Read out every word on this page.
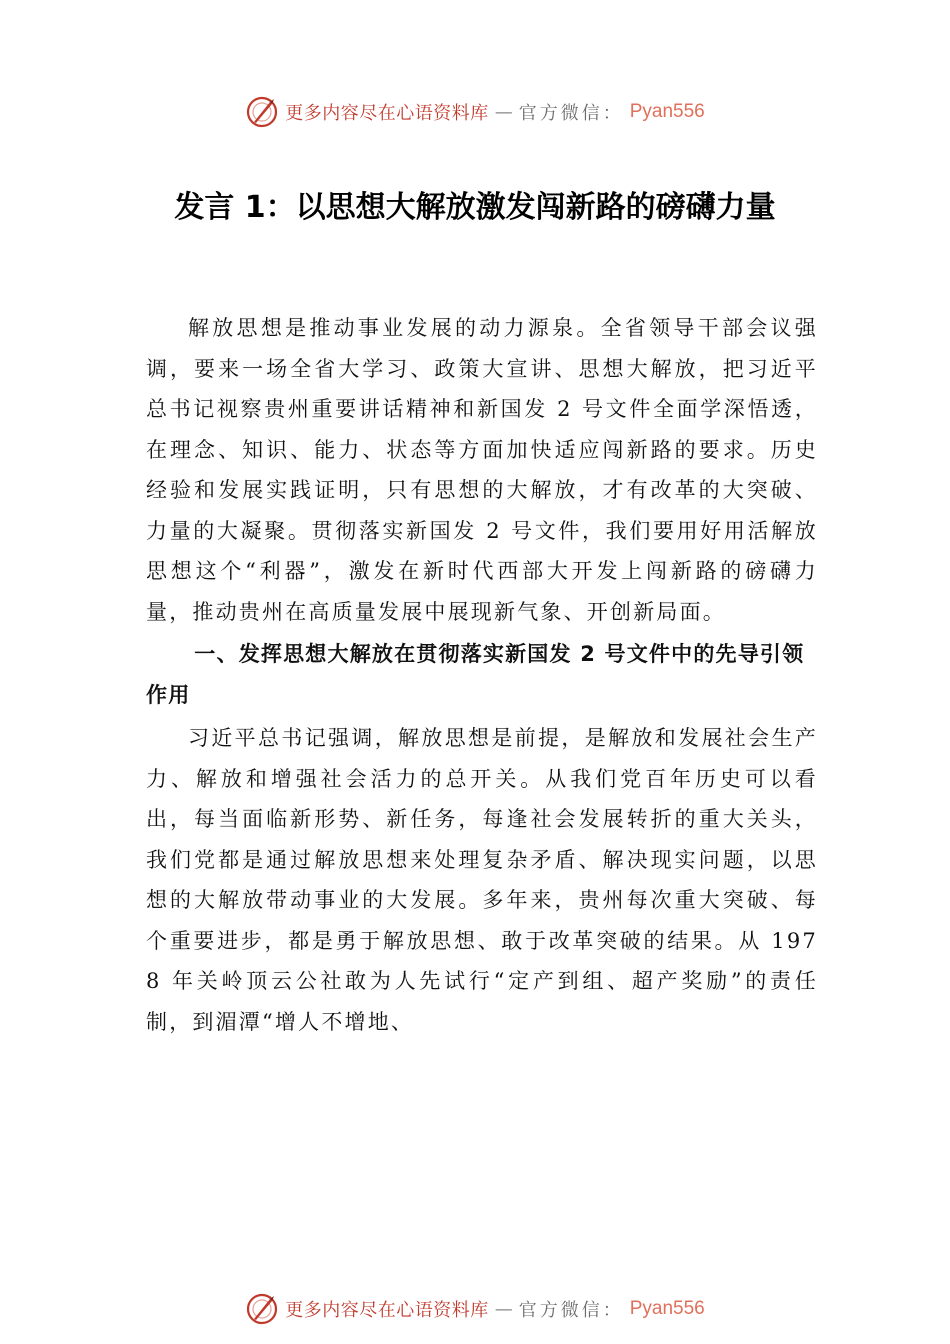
更多内容尽在心语资料库 — 官方微信： Pyan556
发言 1：以思想大解放激发闯新路的磅礴力量

解放思想是推动事业发展的动力源泉。全省领导干部会议强调，要来一场全省大学习、政策大宣讲、思想大解放，把习近平总书记视察贵州重要讲话精神和新国发 2 号文件全面学深悟透，在理念、知识、能力、状态等方面加快适应闯新路的要求。历史经验和发展实践证明，只有思想的大解放，才有改革的大突破、力量的大凝聚。贯彻落实新国发 2 号文件，我们要用好用活解放思想这个“利器”，激发在新时代西部大开发上闯新路的磅礴力量，推动贵州在高质量发展中展现新气象、开创新局面。

一、发挥思想大解放在贯彻落实新国发 2 号文件中的先导引领作用

习近平总书记强调，解放思想是前提，是解放和发展社会生产力、解放和增强社会活力的总开关。从我们党百年历史可以看出，每当面临新形势、新任务，每逢社会发展转折的重大关头，我们党都是通过解放思想来处理复杂矛盾、解决现实问题，以思想的大解放带动事业的大发展。多年来，贵州每次重大突破、每个重要进步，都是勇于解放思想、敢于改革突破的结果。从 1978 年关岭顶云公社敢为人先试行“定产到组、超产奖励”的责任制，到湄潭“增人不增地、

更多内容尽在心语资料库 — 官方微信： Pyan556
